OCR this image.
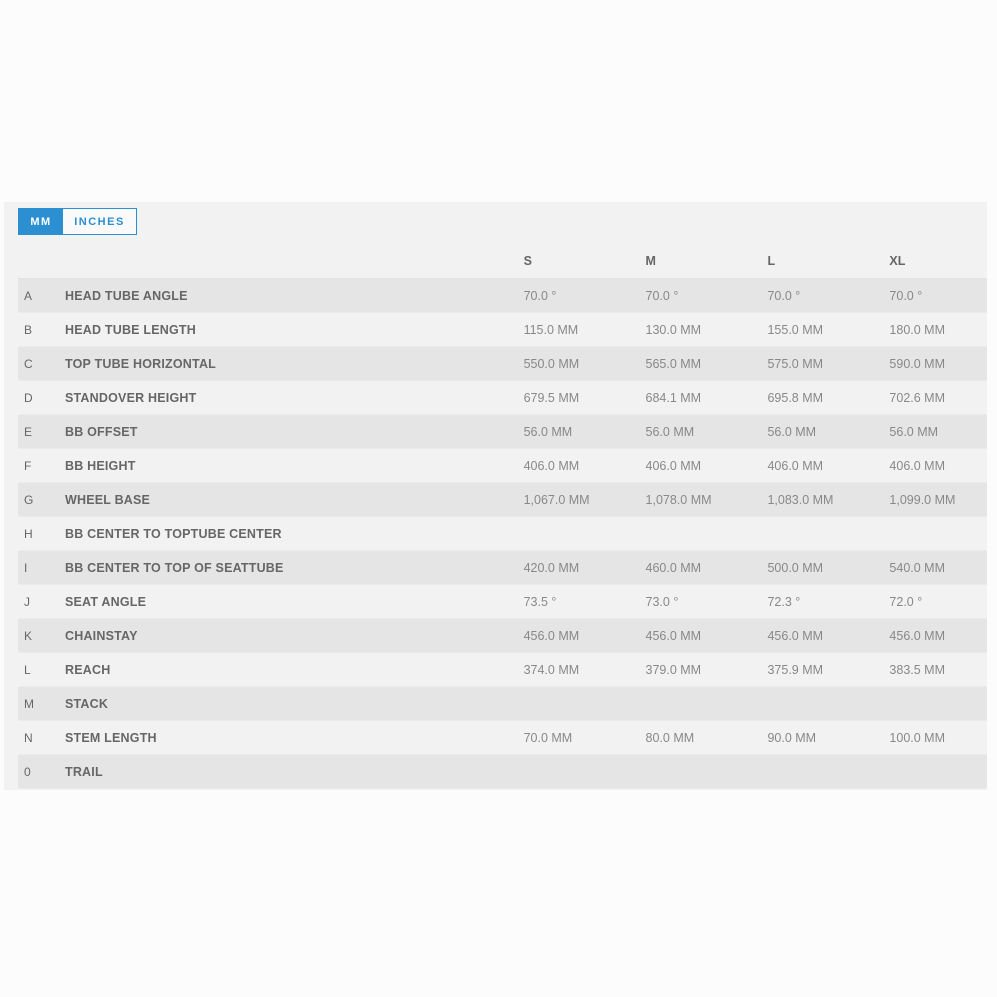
MM	INCHES
S	M	L	XL
A	HEAD TUBE ANGLE	70.0 °	70.0 °	70.0 °	70.0 °
B	HEAD TUBE LENGTH	115.0 MM	130.0 MM	155.0 MM	180.0 MM
C	TOP TUBE HORIZONTAL	550.0 MM	565.0 MM	575.0 MM	590.0 MM
D	STANDOVER HEIGHT	679.5 MM	684.1 MM	695.8 MM	702.6 MM
E	BB OFFSET	56.0 MM	56.0 MM	56.0 MM	56.0 MM
F	BB HEIGHT	406.0 MM	406.0 MM	406.0 MM	406.0 MM
G	WHEEL BASE	1,067.0 MM	1,078.0 MM	1,083.0 MM	1,099.0 MM
H	BB CENTER TO TOPTUBE CENTER
I	BB CENTER TO TOP OF SEATTUBE	420.0 MM	460.0 MM	500.0 MM	540.0 MM
J	SEAT ANGLE	73.5 °	73.0 °	72.3 °	72.0 °
K	CHAINSTAY	456.0 MM	456.0 MM	456.0 MM	456.0 MM
L	REACH	374.0 MM	379.0 MM	375.9 MM	383.5 MM
M	STACK
N	STEM LENGTH	70.0 MM	80.0 MM	90.0 MM	100.0 MM
0	TRAIL
